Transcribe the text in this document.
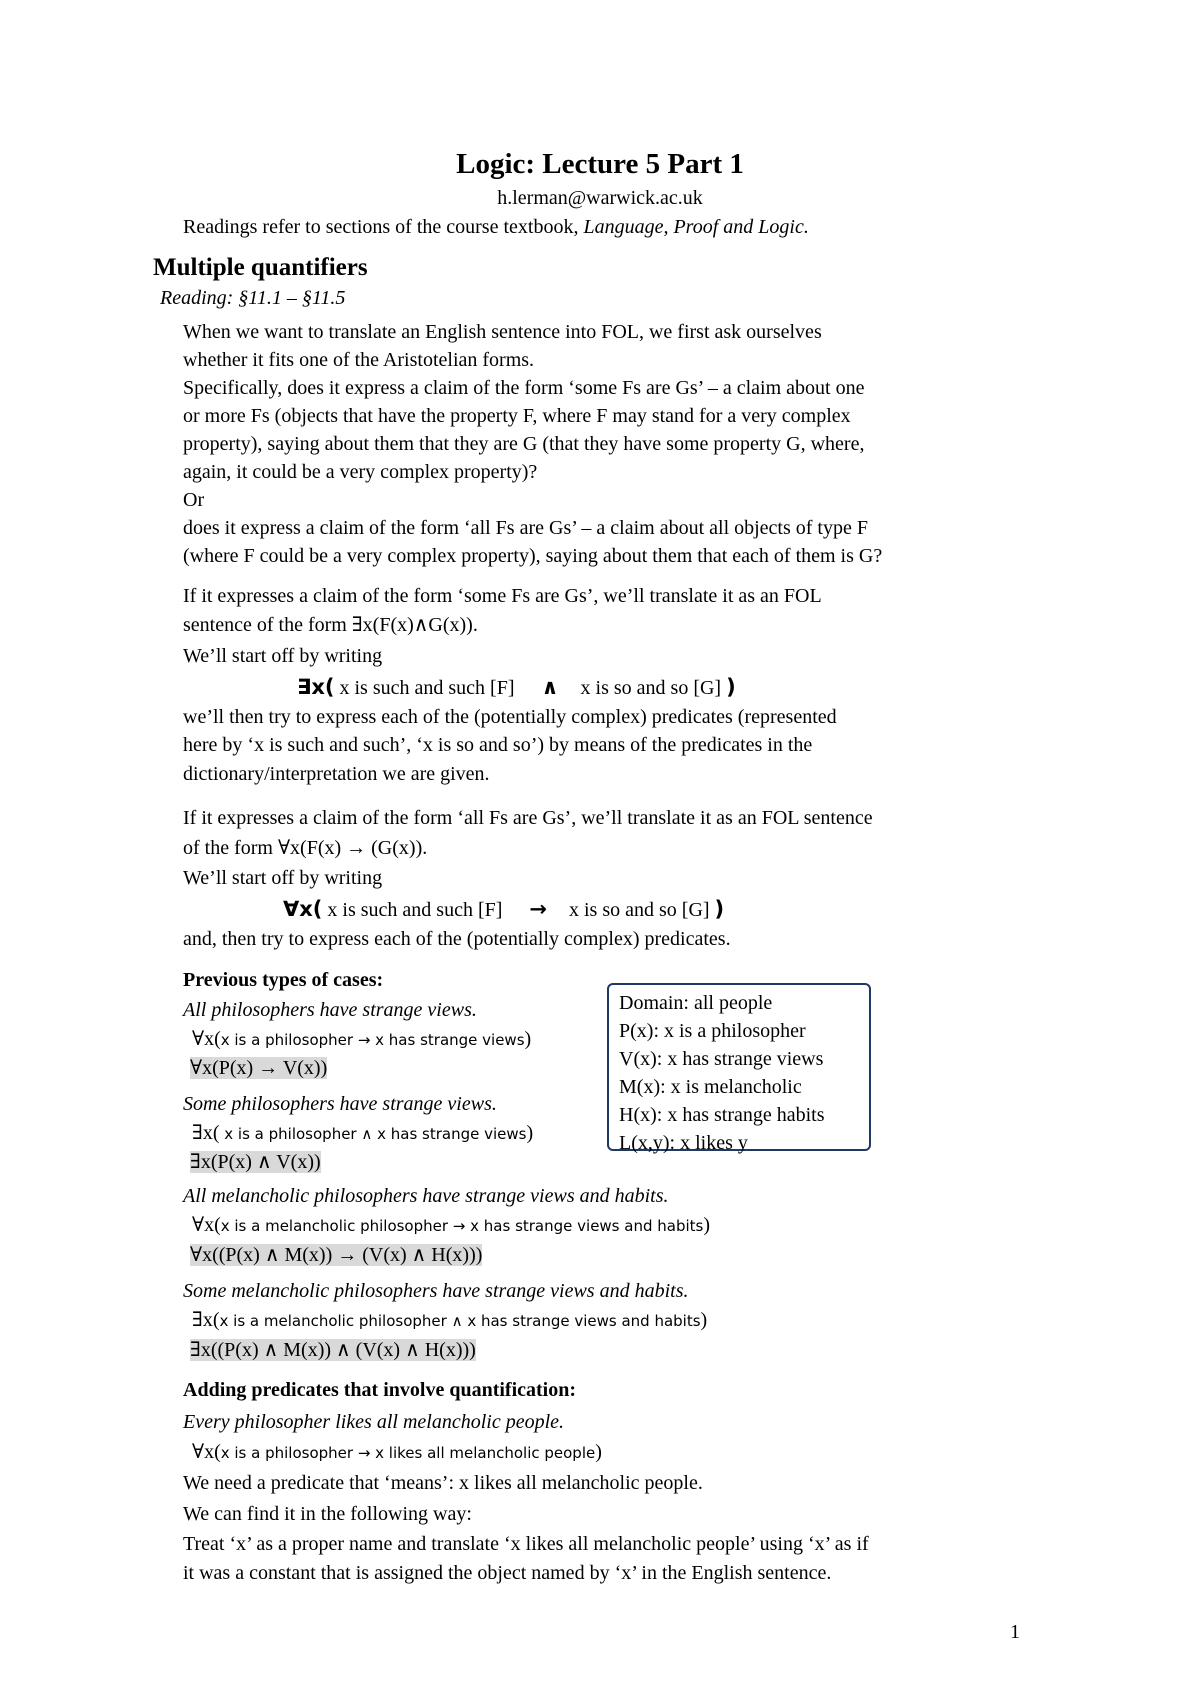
Logic: Lecture 5 Part 1
h.lerman@warwick.ac.uk
Readings refer to sections of the course textbook, Language, Proof and Logic.
Multiple quantifiers
Reading: §11.1 – §11.5
When we want to translate an English sentence into FOL, we first ask ourselves
whether it fits one of the Aristotelian forms.
Specifically, does it express a claim of the form ‘some Fs are Gs’ – a claim about one
or more Fs (objects that have the property F, where F may stand for a very complex
property), saying about them that they are G (that they have some property G, where,
again, it could be a very complex property)?
Or
does it express a claim of the form ‘all Fs are Gs’ – a claim about all objects of type F
(where F could be a very complex property), saying about them that each of them is G?
If it expresses a claim of the form ‘some Fs are Gs’, we’ll translate it as an FOL
sentence of the form ∃x(F(x)∧G(x)).
We’ll start off by writing
∃x( x is such and such [F] ∧ x is so and so [G] )
we’ll then try to express each of the (potentially complex) predicates (represented
here by ‘x is such and such’, ‘x is so and so’) by means of the predicates in the
dictionary/interpretation we are given.
If it expresses a claim of the form ‘all Fs are Gs’, we’ll translate it as an FOL sentence
of the form ∀x(F(x) → (G(x)).
We’ll start off by writing
∀x( x is such and such [F] → x is so and so [G] )
and, then try to express each of the (potentially complex) predicates.
Previous types of cases:
All philosophers have strange views.
∀x(x is a philosopher → x has strange views)
∀x(P(x) → V(x))
Some philosophers have strange views.
∃x( x is a philosopher ∧ x has strange views)
∃x(P(x) ∧ V(x))
All melancholic philosophers have strange views and habits.
∀x(x is a melancholic philosopher → x has strange views and habits)
∀x((P(x) ∧ M(x)) → (V(x) ∧ H(x)))
Some melancholic philosophers have strange views and habits.
∃x(x is a melancholic philosopher ∧ x has strange views and habits)
∃x((P(x) ∧ M(x)) ∧ (V(x) ∧ H(x)))
Domain: all people
P(x): x is a philosopher
V(x): x has strange views
M(x): x is melancholic
H(x): x has strange habits
L(x,y): x likes y
Adding predicates that involve quantification:
Every philosopher likes all melancholic people.
∀x(x is a philosopher → x likes all melancholic people)
We need a predicate that ‘means’: x likes all melancholic people.
We can find it in the following way:
Treat ‘x’ as a proper name and translate ‘x likes all melancholic people’ using ‘x’ as if
it was a constant that is assigned the object named by ‘x’ in the English sentence.
1
